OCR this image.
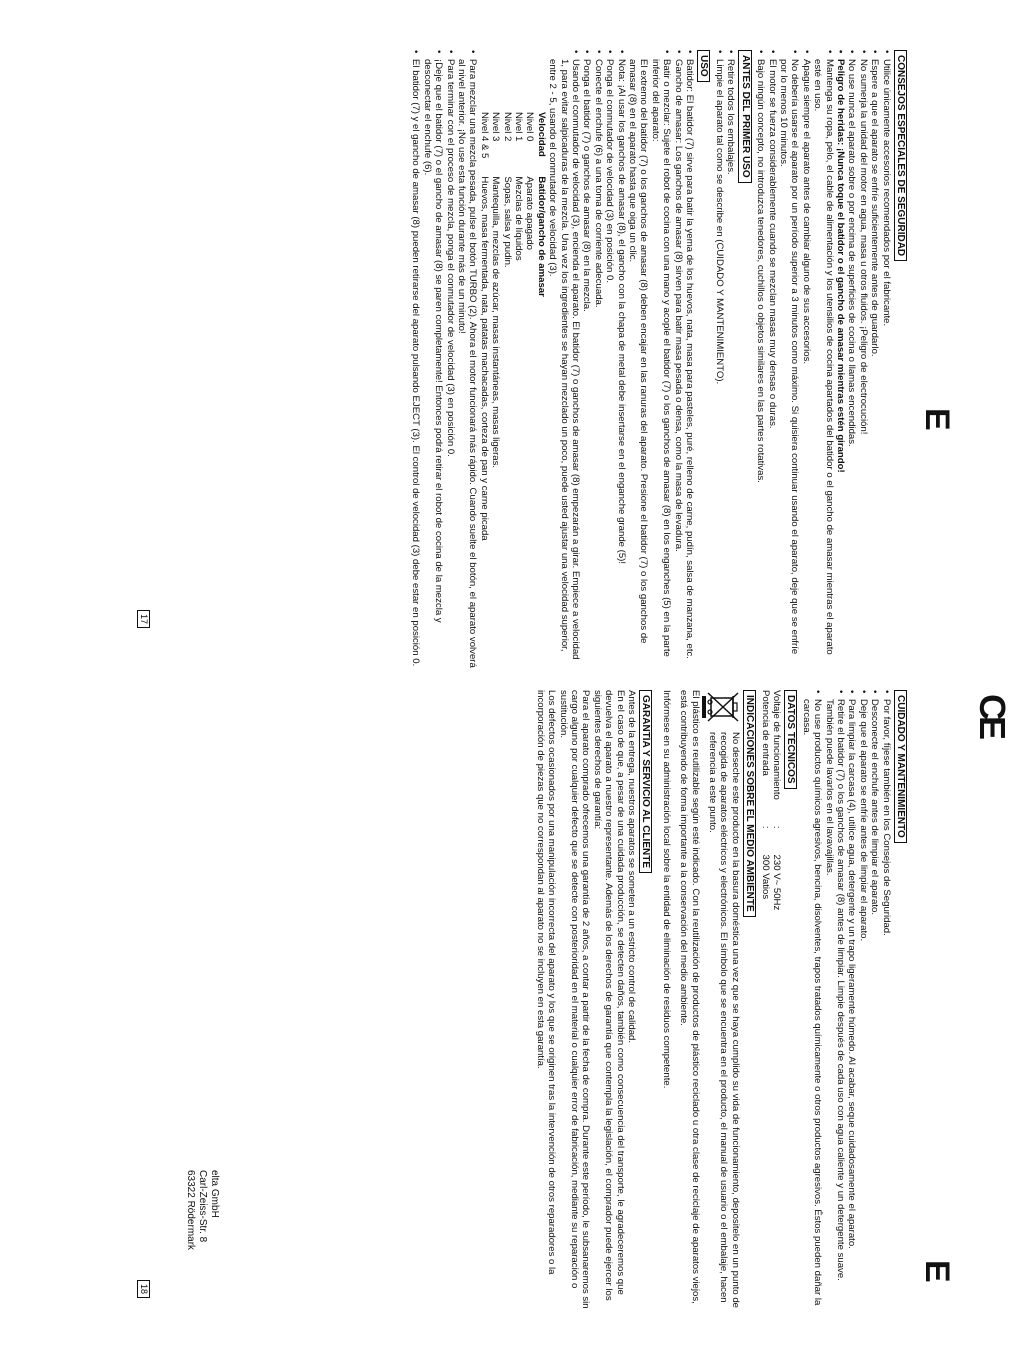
CONSEJOS ESPECIALES DE SEGURIDAD
• Utilice únicamente accesorios recomendados por el fabricante.
• Espere a que el aparato se enfríe suficientemente antes de guardarlo.
• No sumerja la unidad del motor en agua, masa u otros fluidos. ¡Peligro de electrocución!
• No use nunca el aparato sobre o por encima de superficies de cocina o llamas encendidas.
• Peligro de heridas: ¡Nunca toque el batidor o el gancho de amasar mientras estén girando!
• Mantenga su ropa, pelo, el cable de alimentación y los utensilios de cocina apartados del batidor o el gancho de amasar mientras el aparato esté en uso.
• Apague siempre el aparato antes de cambiar alguno de sus accesorios.
• No debería usarse el aparato por un período superior a 3 minutos como máximo. Si quisiera continuar usando el aparato, deje que se enfríe por lo menos 10 minutos.
• El motor se fuerza considerablemente cuando se mezclan masas muy densas o duras.
• Bajo ningún concepto, no introduzca tenedores, cuchillos o objetos similares en las partes rotativas.
ANTES DEL PRIMER USO
• Retire todos los embalajes.
• Limpie el aparato tal como se describe en (CUIDADO Y MANTENIMIENTO).
USO
• Batidor: El batidor (7) sirve para batir la yema de los huevos, nata, masa para pasteles, puré, relleno de carne, pudín, salsa de manzana, etc.
• Gancho de amasar: Los ganchos de amasar (8) sirven para batir masa pesada o densa, como la masa de levadura.
• Batir o mezclar: Sujete el robot de cocina con una mano y acople el batidor (7) o los ganchos de amasar (8) en los enganches (5) en la parte inferior del aparato:

El extremo del batidor (7) o los ganchos de amasar (8) deben encajar en las ranuras del aparato. Presione el batidor (7) o los ganchos de amasar (8) en el aparato hasta que oiga un clic.

• Nota: ¡Al usar los ganchos de amasar (8), el gancho con la chapa de metal debe insertarse en el enganche grande (5)!
• Ponga el conmutador de velocidad (3) en posición 0.
• Conecte el enchufe (6) a una toma de corriente adecuada.
• Ponga el batidor (7) o ganchos de amasar (8) en la mezcla.
• Usando el conmutador de velocidad (3), encienda el aparato. El batidor (7) o ganchos de amasar (8) empezarán a girar. Empiece a velocidad 1, para evitar salpicaduras de la mezcla. Una vez los ingredientes se hayan mezclado un poco, puede usted ajustar una velocidad superior, entre 2 - 5, usando el conmutador de velocidad (3).
Velocidad	Batidor/gancho de amasar
Nivel 0	Aparato apagado
Nivel 1	Mezclas de líquidos
Nivel 2	Sopas, salsa y pudin.
Nivel 3	Mantequilla, mezclas de azúcar, masas instantáneas, masas ligeras.
Nivel 4 & 5	Huevos, masa fermentada, nata, patatas machacadas, corteza de pan y carne picada
• Para mezclar una mezcla pesada, pulse el botón TURBO (2). Ahora el motor funcionará más rápido. Cuando suelte el botón, el aparato volverá al nivel anterior. ¡No use esta función durante más de un minuto!
• Para terminar con el proceso de mezcla, ponga el conmutador de velocidad (3) en posición 0.
• ¡Deje que el batidor (7) o el gancho de amasar (8) se paren completamente! Entonces podrá retirar el robot de cocina de la mezcla y desconectar el enchufe (6).
• El batidor (7) y el gancho de amasar (8) pueden retirarse del aparato pulsando EJECT (3). El control de velocidad (3) debe estar en posición 0.	E
17
CUIDADO Y MANTENIMIENTO
• Por favor, fíjese también en los Consejos de Seguridad.
• Desconecte el enchufe antes de limpiar el aparato.
• Deje que el aparato se enfríe antes de limpiar el aparato.
• Para limpiar la carcasa (4), utilice agua, detergente y un trapo ligeramente húmedo. Al acabar, seque cuidadosamente el aparato.
• Retire el batidor (7) o los ganchos de amasar (8) antes de limpiar. Limpie después de cada uso con agua caliente y un detergente suave. También puede lavarlos en el lavavajillas.
• No use productos químicos agresivos, bencina, disolventes, trapos tratados químicamente o otros productos agresivos. Éstos pueden dañar la carcasa.
DATOS TÉCNICOS
Voltaje de funcionamiento	:	230 V~ 50Hz
Potencia de entrada	:	300 Vatios
INDICACIONES SOBRE EL MEDIO AMBIENTE

No deseche este producto en la basura doméstica una vez que se haya cumplido su vida de funcionamiento, depositelo en un punto de recogida de aparatos eléctricos y electrónicos. El símbolo que se encuentra en el producto, el manual de usuario o el embalaje, hacen referencia a este punto.

El plástico es reutilizable según esté indicado. Con la reutilización de productos de plástico reciclado u otra clase de reciclaje de aparatos viejos, está contribuyendo de forma importante a la conservación del medio ambiente.

Infórmese en su administración local sobre la entidad de eliminación de residuos competente.

GARANTÍA Y SERVICIO AL CLIENTE

Antes de la entrega, nuestros aparatos se someten a un estricto control de calidad.

En el caso de que, a pesar de una cuidada producción, se detecten daños, también como consecuencia del transporte, le agradeceremos que devuelva el aparato a nuestro representante. Además de los derechos de garantía que contempla la legislación, el comprador puede ejercer los siguientes derechos de garantía:

Para el aparato comprado ofrecemos una garantía de 2 años, a contar a partir de la fecha de compra. Durante este período, le subsanaremos sin cargo alguno por cualquier defecto que se detecte con posterioridad en el material o cualquier error de fabricación, mediante su reparación o sustitución.

Los defectos ocasionados por una manipulación incorrecta del aparato y los que se originen tras la intervención de otros reparadores o la incorporación de piezas que no correspondan al aparato no se incluyen en esta garantía.

E
18
elta GmbH
Carl-Zeiss-Str. 8
63322 Rödermark
CE
